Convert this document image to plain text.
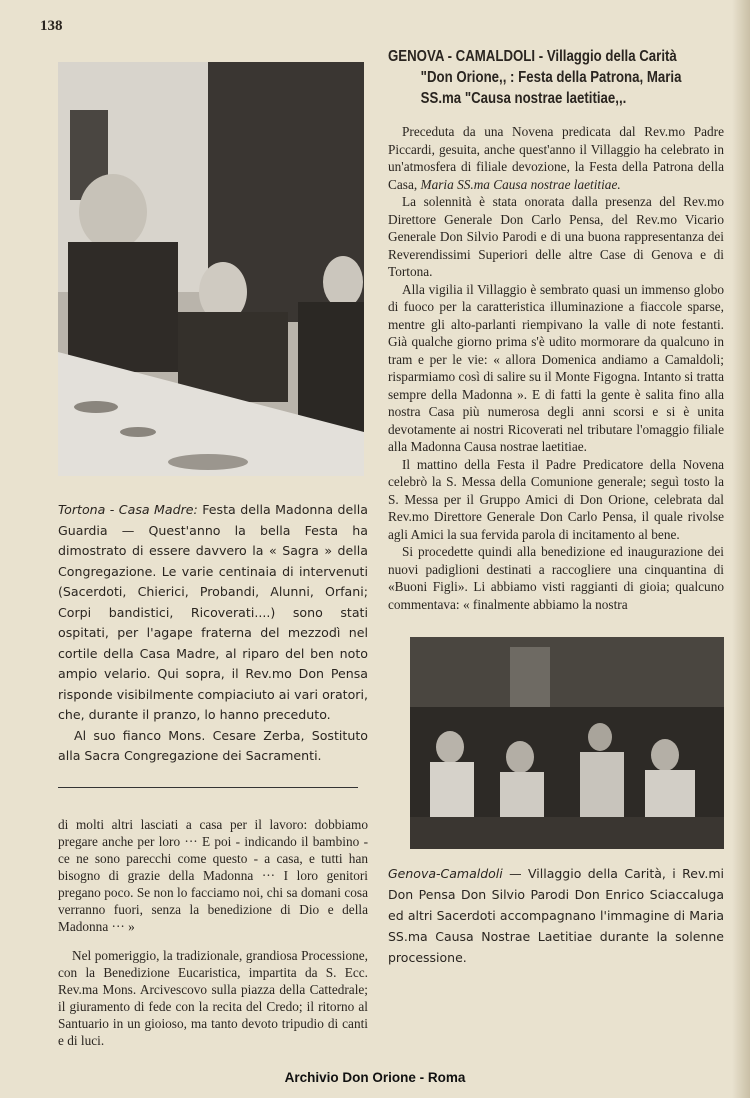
138

Tortona - Casa Madre: Festa della Madonna della Guardia — Quest'anno la bella Festa ha dimostrato di essere davvero la « Sagra » della Congregazione. Le varie centinaia di intervenuti (Sacerdoti, Chierici, Probandi, Alunni, Orfani; Corpi bandistici, Ricoverati....) sono stati ospitati, per l'agape fraterna del mezzodì nel cortile della Casa Madre, al riparo del ben noto ampio velario. Qui sopra, il Rev.mo Don Pensa risponde visibilmente compiaciuto ai vari oratori, che, durante il pranzo, lo hanno preceduto.

Al suo fianco Mons. Cesare Zerba, Sostituto alla Sacra Congregazione dei Sacramenti.

di molti altri lasciati a casa per il lavoro: dobbiamo pregare anche per loro ··· E poi - indicando il bambino - ce ne sono parecchi come questo - a casa, e tutti han bisogno di grazie della Madonna ··· I loro genitori pregano poco. Se non lo facciamo noi, chi sa domani cosa verranno fuori, senza la benedizione di Dio e della Madonna ··· »

Nel pomeriggio, la tradizionale, grandiosa Processione, con la Benedizione Eucaristica, impartita da S. Ecc. Rev.ma Mons. Arcivescovo sulla piazza della Cattedrale; il giuramento di fede con la recita del Credo; il ritorno al Santuario in un gioioso, ma tanto devoto tripudio di canti e di luci.

GENOVA - CAMALDOLI - Villaggio della Carità
"Don Orione,, : Festa della Patrona, Maria
SS.ma "Causa nostrae laetitiae,,.

Preceduta da una Novena predicata dal Rev.mo Padre Piccardi, gesuita, anche quest'anno il Villaggio ha celebrato in un'atmosfera di filiale devozione, la Festa della Patrona della Casa, Maria SS.ma Causa nostrae laetitiae.

La solennità è stata onorata dalla presenza del Rev.mo Direttore Generale Don Carlo Pensa, del Rev.mo Vicario Generale Don Silvio Parodi e di una buona rappresentanza dei Reverendissimi Superiori delle altre Case di Genova e di Tortona.

Alla vigilia il Villaggio è sembrato quasi un immenso globo di fuoco per la caratteristica illuminazione a fiaccole sparse, mentre gli alto-parlanti riempivano la valle di note festanti. Già qualche giorno prima s'è udito mormorare da qualcuno in tram e per le vie: « allora Domenica andiamo a Camaldoli; risparmiamo così di salire su il Monte Figogna. Intanto si tratta sempre della Madonna ». E di fatti la gente è salita fino alla nostra Casa più numerosa degli anni scorsi e si è unita devotamente ai nostri Ricoverati nel tributare l'omaggio filiale alla Madonna Causa nostrae laetitiae.

Il mattino della Festa il Padre Predicatore della Novena celebrò la S. Messa della Comunione generale; seguì tosto la S. Messa per il Gruppo Amici di Don Orione, celebrata dal Rev.mo Direttore Generale Don Carlo Pensa, il quale rivolse agli Amici la sua fervida parola di incitamento al bene.

Si procedette quindi alla benedizione ed inaugurazione dei nuovi padiglioni destinati a raccogliere una cinquantina di «Buoni Figli». Li abbiamo visti raggianti di gioia; qualcuno commentava: « finalmente abbiamo la nostra

Genova-Camaldoli — Villaggio della Carità, i Rev.mi Don Pensa Don Silvio Parodi Don Enrico Sciaccaluga ed altri Sacerdoti accompagnano l'immagine di Maria SS.ma Causa Nostrae Laetitiae durante la solenne processione.
Archivio Don Orione - Roma
